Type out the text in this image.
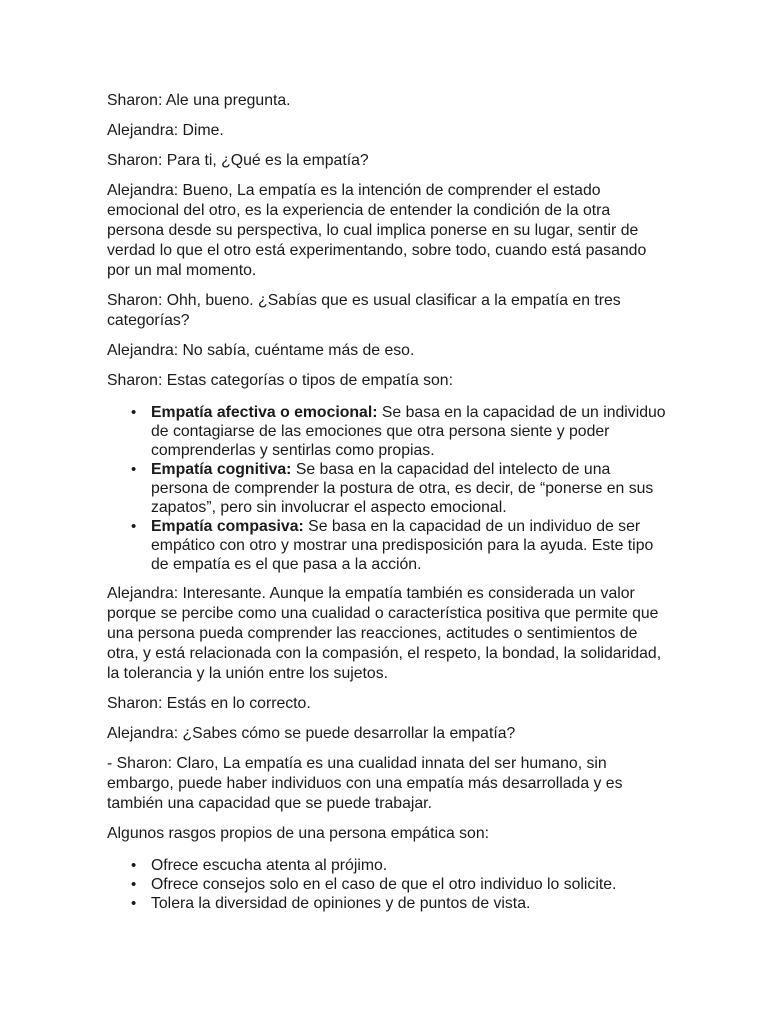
Sharon: Ale una pregunta.

Alejandra: Dime.

Sharon: Para ti, ¿Qué es la empatía?

Alejandra: Bueno, La empatía es la intención de comprender el estado emocional del otro, es la experiencia de entender la condición de la otra persona desde su perspectiva, lo cual implica ponerse en su lugar, sentir de verdad lo que el otro está experimentando, sobre todo, cuando está pasando por un mal momento.

Sharon: Ohh, bueno. ¿Sabías que es usual clasificar a la empatía en tres categorías?

Alejandra: No sabía, cuéntame más de eso.

Sharon: Estas categorías o tipos de empatía son:

• Empatía afectiva o emocional: Se basa en la capacidad de un individuo de contagiarse de las emociones que otra persona siente y poder comprenderlas y sentirlas como propias.
• Empatía cognitiva: Se basa en la capacidad del intelecto de una persona de comprender la postura de otra, es decir, de “ponerse en sus zapatos”, pero sin involucrar el aspecto emocional.
• Empatía compasiva: Se basa en la capacidad de un individuo de ser empático con otro y mostrar una predisposición para la ayuda. Este tipo de empatía es el que pasa a la acción.

Alejandra: Interesante. Aunque la empatía también es considerada un valor porque se percibe como una cualidad o característica positiva que permite que una persona pueda comprender las reacciones, actitudes o sentimientos de otra, y está relacionada con la compasión, el respeto, la bondad, la solidaridad, la tolerancia y la unión entre los sujetos.

Sharon: Estás en lo correcto.

Alejandra: ¿Sabes cómo se puede desarrollar la empatía?

- Sharon: Claro, La empatía es una cualidad innata del ser humano, sin embargo, puede haber individuos con una empatía más desarrollada y es también una capacidad que se puede trabajar.

Algunos rasgos propios de una persona empática son:

• Ofrece escucha atenta al prójimo.
• Ofrece consejos solo en el caso de que el otro individuo lo solicite.
• Tolera la diversidad de opiniones y de puntos de vista.
